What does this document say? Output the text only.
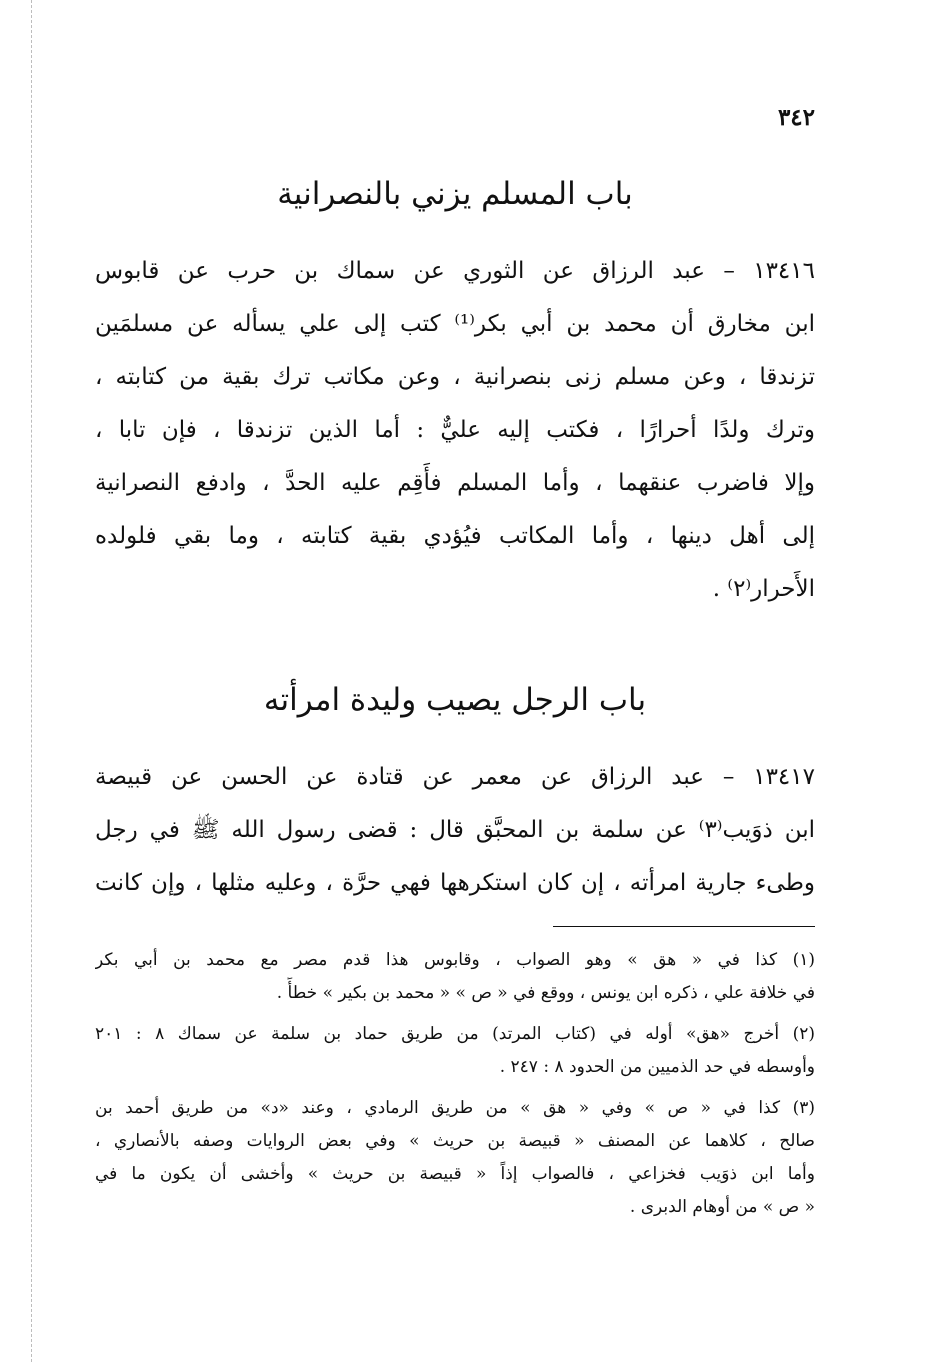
٣٤٢

باب المسلم يزني بالنصرانية
١٣٤١٦ – عبد الرزاق عن الثوري عن سماك بن حرب عن قابوس
ابن مخارق أن محمد بن أبي بكر⁽¹⁾ كتب إلى علي يسأله عن مسلمَين
تزندقا ، وعن مسلم زنى بنصرانية ، وعن مكاتب ترك بقية من كتابته ،
وترك ولدًا أحرارًا ، فكتب إليه عليٌّ : أما الذين تزندقا ، فإن تابا ،
وإلا فاضرب عنقهما ، وأما المسلم فأَقِم عليه الحدَّ ، وادفع النصرانية
إلى أهل دينها ، وأما المكاتب فيُؤدي بقية كتابته ، وما بقي فلولده
الأَحرار⁽٢⁾ .
باب الرجل يصيب وليدة امرأته
١٣٤١٧ – عبد الرزاق عن معمر عن قتادة عن الحسن عن قبيصة
ابن ذوَيب⁽٣⁾ عن سلمة بن المحبَّق قال : قضى رسول الله ﷺ في رجل
وطىء جارية امرأته ، إن كان استكرهها فهي حرَّة ، وعليه مثلها ، وإن كانت
(١) كذا في « هق » وهو الصواب ، وقابوس هذا قدم مصر مع محمد بن أبي بكر
في خلافة علي ، ذكره ابن يونس ، ووقع في « ص » « محمد بن بكير » خطأً .
(٢) أخرج «هق» أوله في (كتاب المرتد) من طريق حماد بن سلمة عن سماك ٨ : ٢٠١
وأوسطه في حد الذميين من الحدود ٨ : ٢٤٧ .
(٣) كذا في « ص » وفي « هق » من طريق الرمادي ، وعند «د» من طريق أحمد بن
صالح ، كلاهما عن المصنف « قبيصة بن حريث » وفي بعض الروايات وصفه بالأنصاري ،
وأما ابن ذوَيب فخزاعي ، فالصواب إذاً « قبيصة بن حريث » وأخشى أن يكون ما في
« ص » من أوهام الدبرى .
